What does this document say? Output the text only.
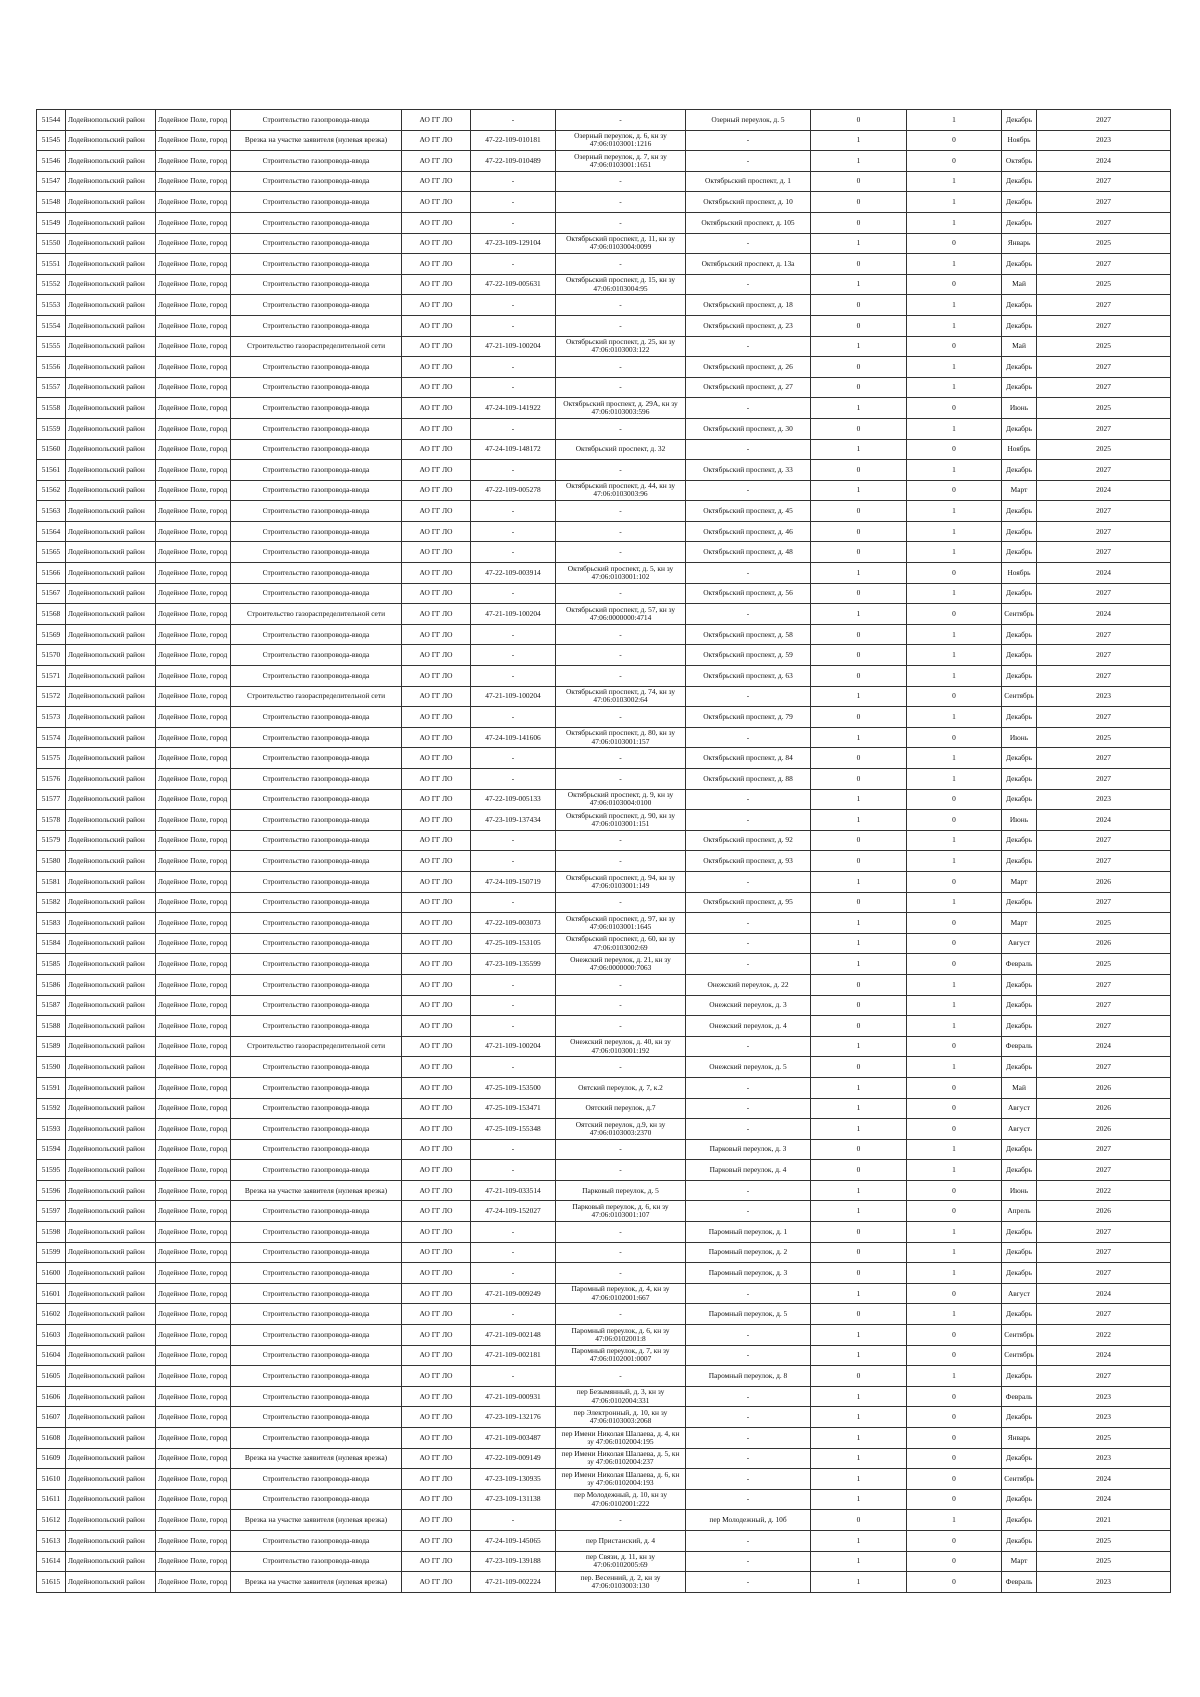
51544	Лодейнопольский район	Лодейное Поле, город	Строительство газопровода-ввода	АО ГГ ЛО	-	-	Озерный переулок, д. 5	0	1	Декабрь	2027
51545	Лодейнопольский район	Лодейное Поле, город	Врезка на участке заявителя (нулевая врезка)	АО ГГ ЛО	47-22-109-010181	Озерный переулок, д. 6, кн зу 47:06:0103001:1216	-	1	0	Ноябрь	2023
51546	Лодейнопольский район	Лодейное Поле, город	Строительство газопровода-ввода	АО ГГ ЛО	47-22-109-010489	Озерный переулок, д. 7, кн зу 47:06:0103001:1651	-	1	0	Октябрь	2024
51547	Лодейнопольский район	Лодейное Поле, город	Строительство газопровода-ввода	АО ГГ ЛО	-	-	Октябрьский проспект, д. 1	0	1	Декабрь	2027
51548	Лодейнопольский район	Лодейное Поле, город	Строительство газопровода-ввода	АО ГГ ЛО	-	-	Октябрьский проспект, д. 10	0	1	Декабрь	2027
51549	Лодейнопольский район	Лодейное Поле, город	Строительство газопровода-ввода	АО ГГ ЛО	-	-	Октябрьский проспект, д. 105	0	1	Декабрь	2027
51550	Лодейнопольский район	Лодейное Поле, город	Строительство газопровода-ввода	АО ГГ ЛО	47-23-109-129104	Октябрьский проспект, д. 11, кн зу 47:06:0103004:0099	-	1	0	Январь	2025
51551	Лодейнопольский район	Лодейное Поле, город	Строительство газопровода-ввода	АО ГГ ЛО	-	-	Октябрьский проспект, д. 13а	0	1	Декабрь	2027
51552	Лодейнопольский район	Лодейное Поле, город	Строительство газопровода-ввода	АО ГГ ЛО	47-22-109-005631	Октябрьский проспект, д. 15, кн зу 47:06:0103004:95	-	1	0	Май	2025
51553	Лодейнопольский район	Лодейное Поле, город	Строительство газопровода-ввода	АО ГГ ЛО	-	-	Октябрьский проспект, д. 18	0	1	Декабрь	2027
51554	Лодейнопольский район	Лодейное Поле, город	Строительство газопровода-ввода	АО ГГ ЛО	-	-	Октябрьский проспект, д. 23	0	1	Декабрь	2027
51555	Лодейнопольский район	Лодейное Поле, город	Строительство газораспределительной сети	АО ГГ ЛО	47-21-109-100204	Октябрьский проспект, д. 25, кн зу 47:06:0103003:122	-	1	0	Май	2025
51556	Лодейнопольский район	Лодейное Поле, город	Строительство газопровода-ввода	АО ГГ ЛО	-	-	Октябрьский проспект, д. 26	0	1	Декабрь	2027
51557	Лодейнопольский район	Лодейное Поле, город	Строительство газопровода-ввода	АО ГГ ЛО	-	-	Октябрьский проспект, д. 27	0	1	Декабрь	2027
51558	Лодейнопольский район	Лодейное Поле, город	Строительство газопровода-ввода	АО ГГ ЛО	47-24-109-141922	Октябрьский проспект, д. 29А, кн зу 47:06:0103003:596	-	1	0	Июнь	2025
51559	Лодейнопольский район	Лодейное Поле, город	Строительство газопровода-ввода	АО ГГ ЛО	-	-	Октябрьский проспект, д. 30	0	1	Декабрь	2027
51560	Лодейнопольский район	Лодейное Поле, город	Строительство газопровода-ввода	АО ГГ ЛО	47-24-109-148172	Октябрьский проспект, д. 32	-	1	0	Ноябрь	2025
51561	Лодейнопольский район	Лодейное Поле, город	Строительство газопровода-ввода	АО ГГ ЛО	-	-	Октябрьский проспект, д. 33	0	1	Декабрь	2027
51562	Лодейнопольский район	Лодейное Поле, город	Строительство газопровода-ввода	АО ГГ ЛО	47-22-109-005278	Октябрьский проспект, д. 44, кн зу 47:06:0103003:96	-	1	0	Март	2024
51563	Лодейнопольский район	Лодейное Поле, город	Строительство газопровода-ввода	АО ГГ ЛО	-	-	Октябрьский проспект, д. 45	0	1	Декабрь	2027
51564	Лодейнопольский район	Лодейное Поле, город	Строительство газопровода-ввода	АО ГГ ЛО	-	-	Октябрьский проспект, д. 46	0	1	Декабрь	2027
51565	Лодейнопольский район	Лодейное Поле, город	Строительство газопровода-ввода	АО ГГ ЛО	-	-	Октябрьский проспект, д. 48	0	1	Декабрь	2027
51566	Лодейнопольский район	Лодейное Поле, город	Строительство газопровода-ввода	АО ГГ ЛО	47-22-109-003914	Октябрьский проспект, д. 5, кн зу 47:06:0103001:102	-	1	0	Ноябрь	2024
51567	Лодейнопольский район	Лодейное Поле, город	Строительство газопровода-ввода	АО ГГ ЛО	-	-	Октябрьский проспект, д. 56	0	1	Декабрь	2027
51568	Лодейнопольский район	Лодейное Поле, город	Строительство газораспределительной сети	АО ГГ ЛО	47-21-109-100204	Октябрьский проспект, д. 57, кн зу 47:06:0000000:4714	-	1	0	Сентябрь	2024
51569	Лодейнопольский район	Лодейное Поле, город	Строительство газопровода-ввода	АО ГГ ЛО	-	-	Октябрьский проспект, д. 58	0	1	Декабрь	2027
51570	Лодейнопольский район	Лодейное Поле, город	Строительство газопровода-ввода	АО ГГ ЛО	-	-	Октябрьский проспект, д. 59	0	1	Декабрь	2027
51571	Лодейнопольский район	Лодейное Поле, город	Строительство газопровода-ввода	АО ГГ ЛО	-	-	Октябрьский проспект, д. 63	0	1	Декабрь	2027
51572	Лодейнопольский район	Лодейное Поле, город	Строительство газораспределительной сети	АО ГГ ЛО	47-21-109-100204	Октябрьский проспект, д. 74, кн зу 47:06:0103002:64	-	1	0	Сентябрь	2023
51573	Лодейнопольский район	Лодейное Поле, город	Строительство газопровода-ввода	АО ГГ ЛО	-	-	Октябрьский проспект, д. 79	0	1	Декабрь	2027
51574	Лодейнопольский район	Лодейное Поле, город	Строительство газопровода-ввода	АО ГГ ЛО	47-24-109-141606	Октябрьский проспект, д. 80, кн зу 47:06:0103001:157	-	1	0	Июнь	2025
51575	Лодейнопольский район	Лодейное Поле, город	Строительство газопровода-ввода	АО ГГ ЛО	-	-	Октябрьский проспект, д. 84	0	1	Декабрь	2027
51576	Лодейнопольский район	Лодейное Поле, город	Строительство газопровода-ввода	АО ГГ ЛО	-	-	Октябрьский проспект, д. 88	0	1	Декабрь	2027
51577	Лодейнопольский район	Лодейное Поле, город	Строительство газопровода-ввода	АО ГГ ЛО	47-22-109-005133	Октябрьский проспект, д. 9, кн зу 47:06:0103004:0100	-	1	0	Декабрь	2023
51578	Лодейнопольский район	Лодейное Поле, город	Строительство газопровода-ввода	АО ГГ ЛО	47-23-109-137434	Октябрьский проспект, д. 90, кн зу 47:06:0103001:151	-	1	0	Июнь	2024
51579	Лодейнопольский район	Лодейное Поле, город	Строительство газопровода-ввода	АО ГГ ЛО	-	-	Октябрьский проспект, д. 92	0	1	Декабрь	2027
51580	Лодейнопольский район	Лодейное Поле, город	Строительство газопровода-ввода	АО ГГ ЛО	-	-	Октябрьский проспект, д. 93	0	1	Декабрь	2027
51581	Лодейнопольский район	Лодейное Поле, город	Строительство газопровода-ввода	АО ГГ ЛО	47-24-109-150719	Октябрьский проспект, д. 94, кн зу 47:06:0103001:149	-	1	0	Март	2026
51582	Лодейнопольский район	Лодейное Поле, город	Строительство газопровода-ввода	АО ГГ ЛО	-	-	Октябрьский проспект, д. 95	0	1	Декабрь	2027
51583	Лодейнопольский район	Лодейное Поле, город	Строительство газопровода-ввода	АО ГГ ЛО	47-22-109-003073	Октябрьский проспект, д. 97, кн зу 47:06:0103001:1645	-	1	0	Март	2025
51584	Лодейнопольский район	Лодейное Поле, город	Строительство газопровода-ввода	АО ГГ ЛО	47-25-109-153105	Октябрьский проспект, д. 60, кн зу 47:06:0103002:69	-	1	0	Август	2026
51585	Лодейнопольский район	Лодейное Поле, город	Строительство газопровода-ввода	АО ГГ ЛО	47-23-109-135599	Онежский переулок, д. 21, кн зу 47:06:0000000:7063	-	1	0	Февраль	2025
51586	Лодейнопольский район	Лодейное Поле, город	Строительство газопровода-ввода	АО ГГ ЛО	-	-	Онежский переулок, д. 22	0	1	Декабрь	2027
51587	Лодейнопольский район	Лодейное Поле, город	Строительство газопровода-ввода	АО ГГ ЛО	-	-	Онежский переулок, д. 3	0	1	Декабрь	2027
51588	Лодейнопольский район	Лодейное Поле, город	Строительство газопровода-ввода	АО ГГ ЛО	-	-	Онежский переулок, д. 4	0	1	Декабрь	2027
51589	Лодейнопольский район	Лодейное Поле, город	Строительство газораспределительной сети	АО ГГ ЛО	47-21-109-100204	Онежский переулок, д. 40, кн зу 47:06:0103001:192	-	1	0	Февраль	2024
51590	Лодейнопольский район	Лодейное Поле, город	Строительство газопровода-ввода	АО ГГ ЛО	-	-	Онежский переулок, д. 5	0	1	Декабрь	2027
51591	Лодейнопольский район	Лодейное Поле, город	Строительство газопровода-ввода	АО ГГ ЛО	47-25-109-153500	Оятский переулок, д. 7, к.2	-	1	0	Май	2026
51592	Лодейнопольский район	Лодейное Поле, город	Строительство газопровода-ввода	АО ГГ ЛО	47-25-109-153471	Оятский переулок, д.7	-	1	0	Август	2026
51593	Лодейнопольский район	Лодейное Поле, город	Строительство газопровода-ввода	АО ГГ ЛО	47-25-109-155348	Оятский переулок, д.9, кн зу 47:06:0103003:2370	-	1	0	Август	2026
51594	Лодейнопольский район	Лодейное Поле, город	Строительство газопровода-ввода	АО ГГ ЛО	-	-	Парковый переулок, д. 3	0	1	Декабрь	2027
51595	Лодейнопольский район	Лодейное Поле, город	Строительство газопровода-ввода	АО ГГ ЛО	-	-	Парковый переулок, д. 4	0	1	Декабрь	2027
51596	Лодейнопольский район	Лодейное Поле, город	Врезка на участке заявителя (нулевая врезка)	АО ГГ ЛО	47-21-109-033514	Парковый переулок, д. 5	-	1	0	Июнь	2022
51597	Лодейнопольский район	Лодейное Поле, город	Строительство газопровода-ввода	АО ГГ ЛО	47-24-109-152027	Парковый переулок, д. 6, кн зу 47:06:0103001:107	-	1	0	Апрель	2026
51598	Лодейнопольский район	Лодейное Поле, город	Строительство газопровода-ввода	АО ГГ ЛО	-	-	Паромный переулок, д. 1	0	1	Декабрь	2027
51599	Лодейнопольский район	Лодейное Поле, город	Строительство газопровода-ввода	АО ГГ ЛО	-	-	Паромный переулок, д. 2	0	1	Декабрь	2027
51600	Лодейнопольский район	Лодейное Поле, город	Строительство газопровода-ввода	АО ГГ ЛО	-	-	Паромный переулок, д. 3	0	1	Декабрь	2027
51601	Лодейнопольский район	Лодейное Поле, город	Строительство газопровода-ввода	АО ГГ ЛО	47-21-109-009249	Паромный переулок, д. 4, кн зу 47:06:0102001:667	-	1	0	Август	2024
51602	Лодейнопольский район	Лодейное Поле, город	Строительство газопровода-ввода	АО ГГ ЛО	-	-	Паромный переулок, д. 5	0	1	Декабрь	2027
51603	Лодейнопольский район	Лодейное Поле, город	Строительство газопровода-ввода	АО ГГ ЛО	47-21-109-002148	Паромный переулок, д. 6, кн зу 47:06:0102001:8	-	1	0	Сентябрь	2022
51604	Лодейнопольский район	Лодейное Поле, город	Строительство газопровода-ввода	АО ГГ ЛО	47-21-109-002181	Паромный переулок, д. 7, кн зу 47:06:0102001:0007	-	1	0	Сентябрь	2024
51605	Лодейнопольский район	Лодейное Поле, город	Строительство газопровода-ввода	АО ГГ ЛО	-	-	Паромный переулок, д. 8	0	1	Декабрь	2027
51606	Лодейнопольский район	Лодейное Поле, город	Строительство газопровода-ввода	АО ГГ ЛО	47-21-109-000931	пер Безымянный, д. 3, кн зу 47:06:0102004:331	-	1	0	Февраль	2023
51607	Лодейнопольский район	Лодейное Поле, город	Строительство газопровода-ввода	АО ГГ ЛО	47-23-109-132176	пер Электронный, д. 10, кн зу 47:06:0103003:2068	-	1	0	Декабрь	2023
51608	Лодейнопольский район	Лодейное Поле, город	Строительство газопровода-ввода	АО ГГ ЛО	47-21-109-003487	пер Имени Николая Шалаева, д. 4, кн зу 47:06:0102004:195	-	1	0	Январь	2025
51609	Лодейнопольский район	Лодейное Поле, город	Врезка на участке заявителя (нулевая врезка)	АО ГГ ЛО	47-22-109-009149	пер Имени Николая Шалаева, д. 5, кн зу 47:06:0102004:237	-	1	0	Декабрь	2023
51610	Лодейнопольский район	Лодейное Поле, город	Строительство газопровода-ввода	АО ГГ ЛО	47-23-109-130935	пер Имени Николая Шалаева, д. 6, кн зу 47:06:0102004:193	-	1	0	Сентябрь	2024
51611	Лодейнопольский район	Лодейное Поле, город	Строительство газопровода-ввода	АО ГГ ЛО	47-23-109-131138	пер Молодежный, д. 10, кн зу 47:06:0102001:222	-	1	0	Декабрь	2024
51612	Лодейнопольский район	Лодейное Поле, город	Врезка на участке заявителя (нулевая врезка)	АО ГГ ЛО	-	-	пер Молодежный, д. 10б	0	1	Декабрь	2021
51613	Лодейнопольский район	Лодейное Поле, город	Строительство газопровода-ввода	АО ГГ ЛО	47-24-109-145065	пер Пристанский, д. 4	-	1	0	Декабрь	2025
51614	Лодейнопольский район	Лодейное Поле, город	Строительство газопровода-ввода	АО ГГ ЛО	47-23-109-139188	пер Связи, д. 11, кн зу 47:06:0102005:69	-	1	0	Март	2025
51615	Лодейнопольский район	Лодейное Поле, город	Врезка на участке заявителя (нулевая врезка)	АО ГГ ЛО	47-21-109-002224	пер. Весенний, д. 2, кн зу 47:06:0103003:130	-	1	0	Февраль	2023
